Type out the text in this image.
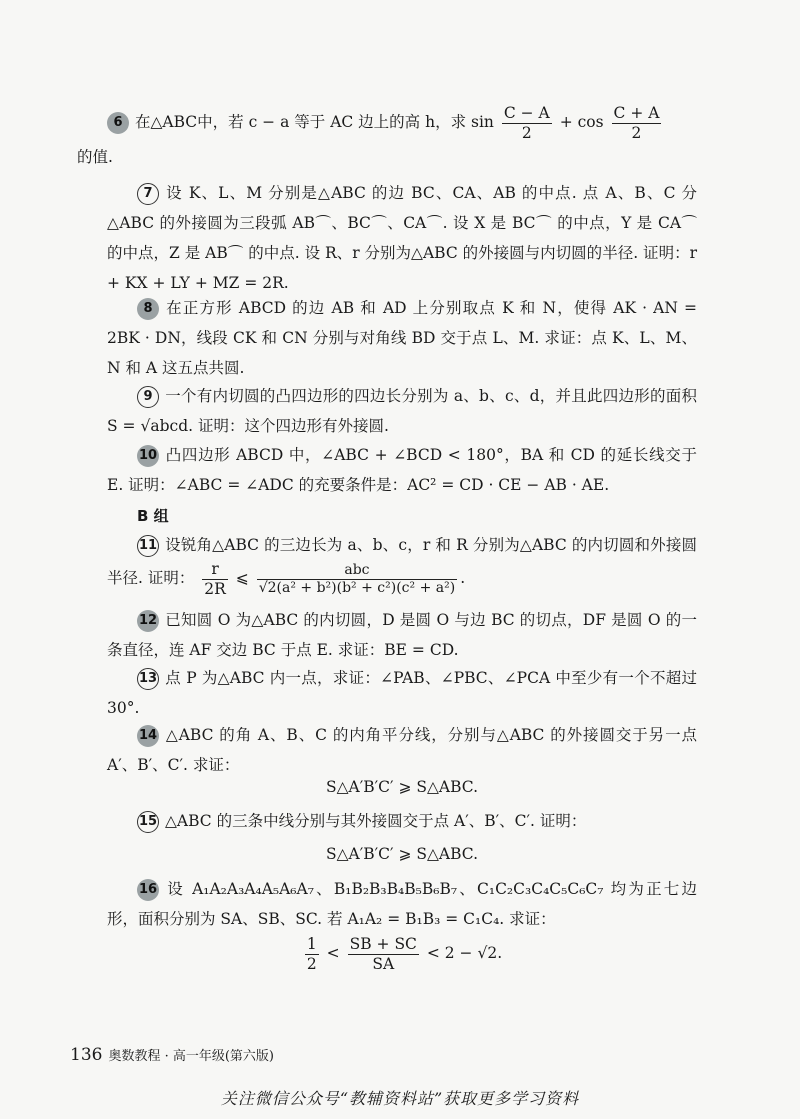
6 在△ABC中，若 c − a 等于 AC 边上的高 h，求 $\sin \frac{C - A}{2} + \cos \frac{C + A}{2}$

的值.
7 设 K、L、M 分别是△ABC 的边 BC、CA、AB 的中点. 点 A、B、C 分△ABC 的外接圆为三段弧 AB⌒、BC⌒、CA⌒. 设 X 是 BC⌒ 的中点，Y 是 CA⌒ 的中点，Z 是 AB⌒ 的中点. 设 R、r 分别为△ABC 的外接圆与内切圆的半径. 证明：r + KX + LY + MZ = 2R.
8 在正方形 ABCD 的边 AB 和 AD 上分别取点 K 和 N，使得 AK · AN = 2BK · DN，线段 CK 和 CN 分别与对角线 BD 交于点 L、M. 求证：点 K、L、M、N 和 A 这五点共圆.
9 一个有内切圆的凸四边形的四边长分别为 a、b、c、d，并且此四边形的面积 S = √abcd. 证明：这个四边形有外接圆.
10 凸四边形 ABCD 中，∠ABC + ∠BCD < 180°，BA 和 CD 的延长线交于 E. 证明：∠ABC = ∠ADC 的充要条件是：AC² = CD · CE − AB · AE.
B 组
11 设锐角△ABC 的三边长为 a、b、c，r 和 R 分别为△ABC 的内切圆和外接圆半径. 证明： $\frac{r}{2R}$ ⩽ $\frac{\text{abc}}{\text{√2(a² + b²)(b² + c²)(c² + a²)}}$ .
12 已知圆 O 为△ABC 的内切圆，D 是圆 O 与边 BC 的切点，DF 是圆 O 的一条直径，连 AF 交边 BC 于点 E. 求证：BE = CD.
13 点 P 为△ABC 内一点，求证：∠PAB、∠PBC、∠PCA 中至少有一个不超过 30°.
14 △ABC 的角 A、B、C 的内角平分线，分别与△ABC 的外接圆交于另一点 A′、B′、C′. 求证：
S△A′B′C′ ⩾ S△ABC.
15 △ABC 的三条中线分别与其外接圆交于点 A′、B′、C′. 证明：
S△A′B′C′ ⩾ S△ABC.
16 设 A₁A₂A₃A₄A₅A₆A₇、B₁B₂B₃B₄B₅B₆B₇、C₁C₂C₃C₄C₅C₆C₇ 均为正七边形，面积分别为 SA、SB、SC. 若 A₁A₂ = B₁B₃ = C₁C₄. 求证：
$\frac{1}{2} < \frac{SB + SC}{SA} < 2 - √2$.
136 奥数教程 · 高一年级(第六版)
关注微信公众号“教辅资料站”获取更多学习资料
